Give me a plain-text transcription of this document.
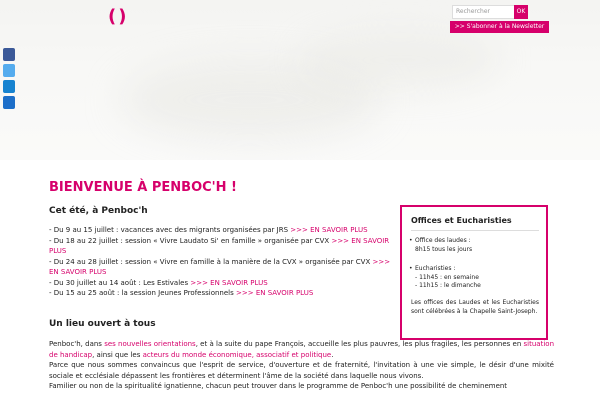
()	Rechercher	OK
>> S'abonner à la Newsletter
BIENVENUE À PENBOC'H !
Cet été, à Penboc'h
- Du 9 au 15 juillet : vacances avec des migrants organisées par JRS >>> EN SAVOIR PLUS
- Du 18 au 22 juillet : session « Vivre Laudato Si' en famille » organisée par CVX >>> EN SAVOIR PLUS
- Du 24 au 28 juillet : session « Vivre en famille à la manière de la CVX » organisée par CVX >>> EN SAVOIR PLUS
- Du 30 juillet au 14 août : Les Estivales >>> EN SAVOIR PLUS
- Du 15 au 25 août : la session Jeunes Professionnels >>> EN SAVOIR PLUS
Un lieu ouvert à tous
Penboc'h, dans ses nouvelles orientations, et à la suite du pape François, accueille les plus pauvres, les plus fragiles, les personnes en situation de handicap, ainsi que les acteurs du monde économique, associatif et politique.
Parce que nous sommes convaincus que l'esprit de service, d'ouverture et de fraternité, l'invitation à une vie simple, le désir d'une mixité sociale et ecclésiale dépassent les frontières et déterminent l'âme de la société dans laquelle nous vivons.
Familier ou non de la spiritualité ignatienne, chacun peut trouver dans le programme de Penboc'h une possibilité de cheminement
Offices et Eucharisties
• Office des laudes :
8h15 tous les jours
• Eucharisties :
- 11h45 : en semaine
- 11h15 : le dimanche
Les offices des Laudes et les Eucharisties sont célébrées à la Chapelle Saint-Joseph.
